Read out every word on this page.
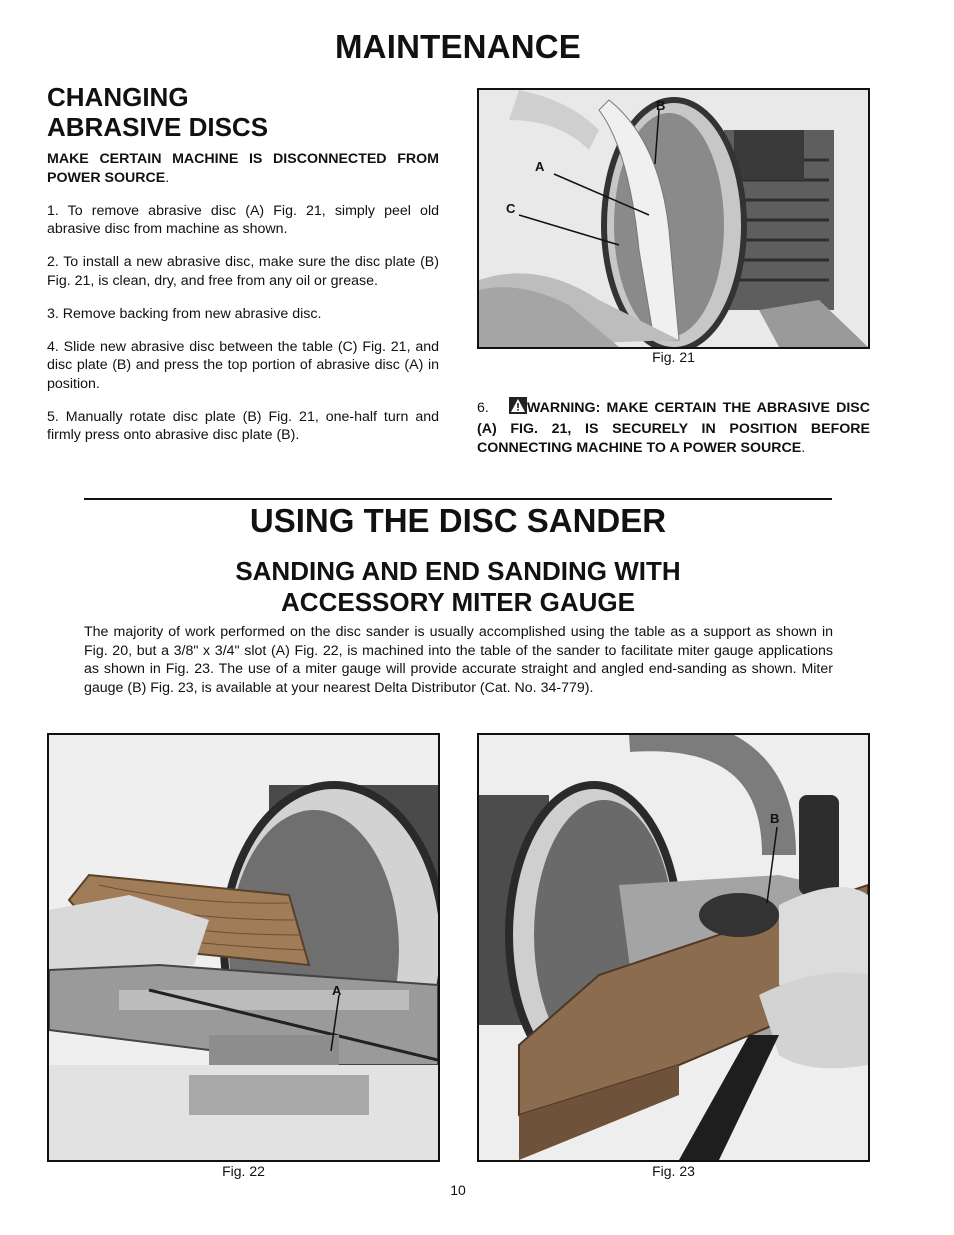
MAINTENANCE
CHANGING
ABRASIVE DISCS

MAKE CERTAIN MACHINE IS DISCONNECTED FROM POWER SOURCE.

1. To remove abrasive disc (A) Fig. 21, simply peel old abrasive disc from machine as shown.

2. To install a new abrasive disc, make sure the disc plate (B) Fig. 21, is clean, dry, and free from any oil or grease.

3. Remove backing from new abrasive disc.

4. Slide new abrasive disc between the table (C) Fig. 21, and disc plate (B) and press the top portion of abrasive disc (A) in position.

5. Manually rotate disc plate (B) Fig. 21, one-half turn and firmly press onto abrasive disc plate (B).

B
A
C
Fig. 21
6.	WARNING: MAKE CERTAIN THE ABRASIVE DISC (A) FIG. 21, IS SECURELY IN POSITION BEFORE CONNECTING MACHINE TO A POWER SOURCE.
USING THE DISC SANDER
SANDING AND END SANDING WITH
ACCESSORY MITER GAUGE
The majority of work performed on the disc sander is usually accomplished using the table as a support as shown in Fig. 20, but a 3/8" x 3/4" slot (A) Fig. 22, is machined into the table of the sander to facilitate miter gauge applications as shown in Fig. 23. The use of a miter gauge will provide accurate straight and angled end-sanding as shown. Miter gauge (B) Fig. 23, is available at your nearest Delta Distributor (Cat. No. 34-779).
A
Fig. 22
B
Fig. 23
10
